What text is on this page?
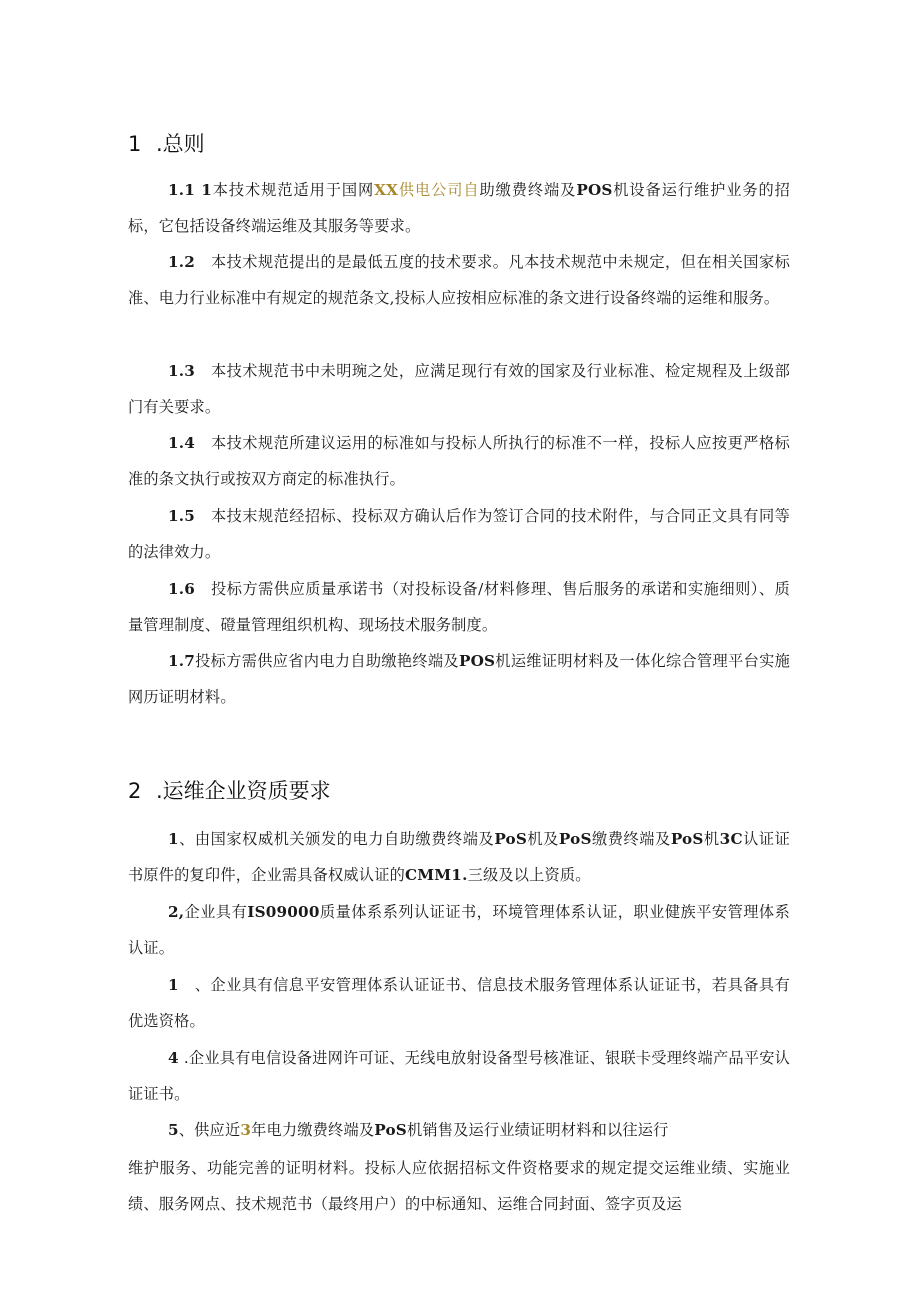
1 .总则
1.1 1本技术规范适用于国网XX供电公司自助缴费终端及POS机设备运行维护业务的招标，它包括设备终端运维及其服务等要求。
1.2　本技术规范提出的是最低五度的技术要求。凡本技术规范中未规定，但在相关国家标准、电力行业标准中有规定的规范条文,投标人应按相应标准的条文进行设备终端的运维和服务。
1.3　本技术规范书中未明琬之处，应满足现行有效的国家及行业标准、检定规程及上级部门有关要求。
1.4　本技术规范所建议运用的标准如与投标人所执行的标准不一样，投标人应按更严格标准的条文执行或按双方商定的标准执行。
1.5　本技末规范经招标、投标双方确认后作为签订合同的技术附件，与合同正文具有同等的法律效力。
1.6　投标方需供应质量承诺书（对投标设备/材料修理、售后服务的承诺和实施细则）、质量管理制度、磴量管理组织机构、现场技术服务制度。
1.7投标方需供应省内电力自助缴艳终端及POS机运维证明材料及一体化综合管理平台实施网历证明材料。
2 .运维企业资质要求
1、由国家权威机关颁发的电力自助缴费终端及PoS机及PoS缴费终端及PoS机3C认证证书原件的复印件，企业需具备权威认证的CMM1.三级及以上资质。
2,企业具有IS09000质量体系系列认证证书，环境管理体系认证，职业健族平安管理体系认证。
1　、企业具有信息平安管理体系认证证书、信息技术服务管理体系认证证书，若具备具有优选资格。
4 .企业具有电信设备进网许可证、无线电放射设备型号核准证、银联卡受理终端产品平安认证证书。
5、供应近3年电力缴费终端及PoS机销售及运行业绩证明材料和以往运行
维护服务、功能完善的证明材料。投标人应依据招标文件资格要求的规定提交运维业绩、实施业绩、服务网点、技术规范书（最终用户）的中标通知、运维合同封面、签字页及运
